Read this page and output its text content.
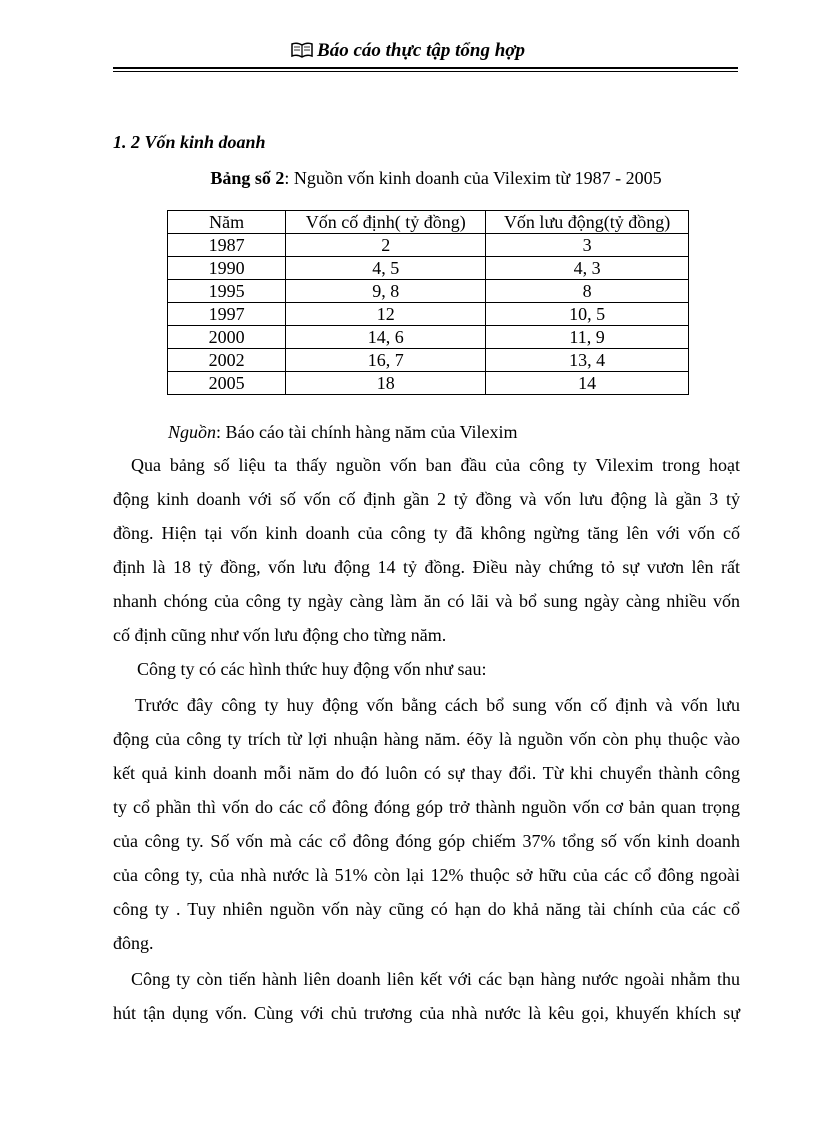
Báo cáo thực tập tổng hợp
1. 2 Vốn kinh doanh
Bảng số 2: Nguồn vốn kinh doanh của Vilexim từ 1987 - 2005
Năm	Vốn cố định( tỷ đồng)	Vốn lưu động(tỷ đồng)
1987	2	3
1990	4, 5	4, 3
1995	9, 8	8
1997	12	10, 5
2000	14, 6	11, 9
2002	16, 7	13, 4
2005	18	14
Nguồn: Báo cáo tài chính hàng năm của Vilexim
Qua bảng số liệu ta thấy nguồn vốn ban đầu của công ty Vilexim trong hoạt
động kinh doanh với số vốn cố định gần 2 tỷ đồng và vốn lưu động là gần 3 tỷ
đồng. Hiện tại vốn kinh doanh của công ty đã không ngừng tăng lên với vốn cố
định là 18 tỷ đồng, vốn lưu động 14 tỷ đồng. Điều này chứng tỏ sự vươn lên rất
nhanh chóng của công ty ngày càng làm ăn có lãi và bổ sung ngày càng nhiều vốn
cố định cũng như vốn lưu động cho từng năm.
Công ty có các hình thức huy động vốn như sau:
Trước đây công ty huy động vốn bằng cách bổ sung vốn cố định và vốn lưu
động của công ty trích từ lợi nhuận hàng năm. éõy là nguồn vốn còn phụ thuộc vào
kết quả kinh doanh mỗi năm do đó luôn có sự thay đổi. Từ khi chuyển thành công
ty cổ phần thì vốn do các cổ đông đóng góp trở thành nguồn vốn cơ bản quan trọng
của công ty. Số vốn mà các cổ đông đóng góp chiếm 37% tổng số vốn kinh doanh
của công ty, của nhà nước là 51% còn lại 12% thuộc sở hữu của các cổ đông ngoài
công ty . Tuy nhiên nguồn vốn này cũng có hạn do khả năng tài chính của các cổ
đông.
Công ty còn tiến hành liên doanh liên kết với các bạn hàng nước ngoài nhằm thu
hút tận dụng vốn. Cùng với chủ trương của nhà nước là kêu gọi, khuyến khích sự
